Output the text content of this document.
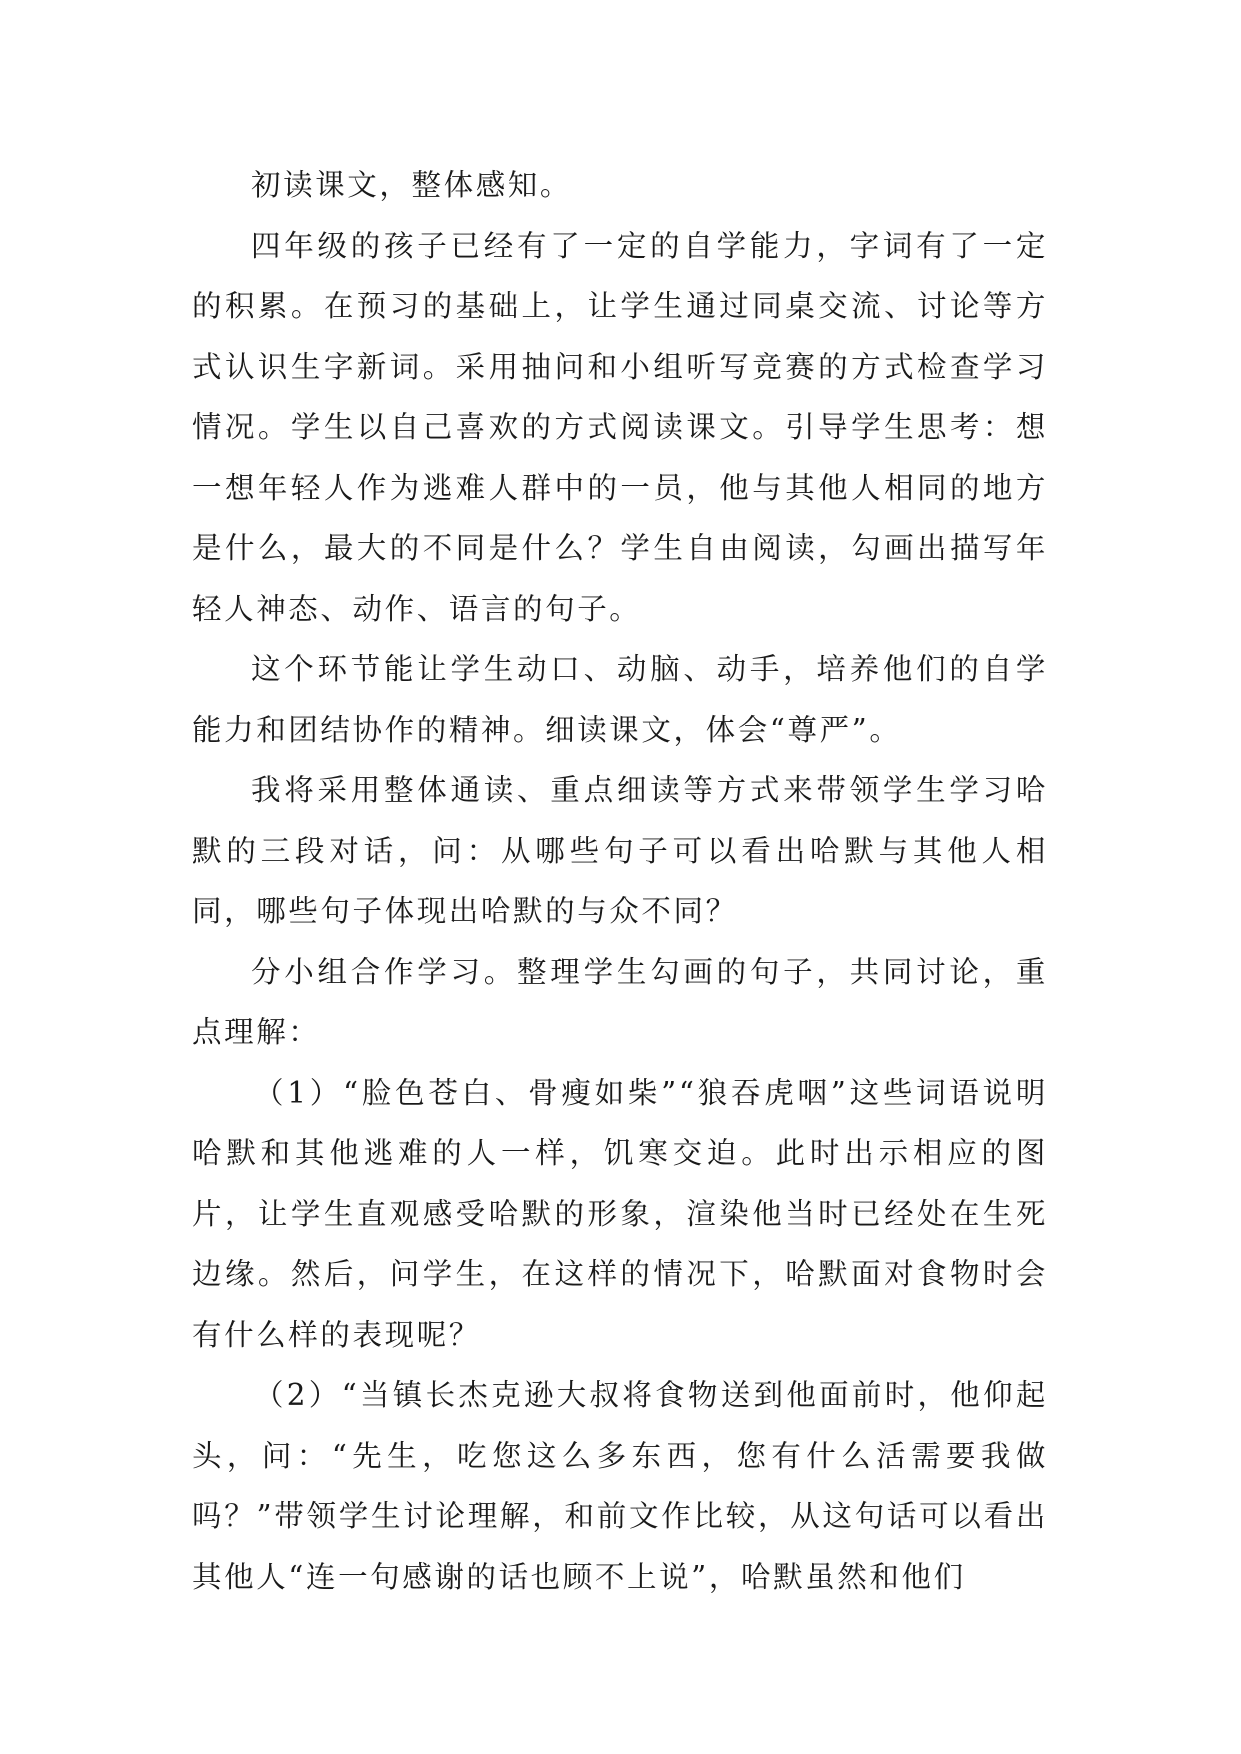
初读课文，整体感知。

四年级的孩子已经有了一定的自学能力，字词有了一定的积累。在预习的基础上，让学生通过同桌交流、讨论等方式认识生字新词。采用抽问和小组听写竞赛的方式检查学习情况。学生以自己喜欢的方式阅读课文。引导学生思考：想一想年轻人作为逃难人群中的一员，他与其他人相同的地方是什么，最大的不同是什么？学生自由阅读，勾画出描写年轻人神态、动作、语言的句子。

这个环节能让学生动口、动脑、动手，培养他们的自学能力和团结协作的精神。细读课文，体会“尊严”。

我将采用整体通读、重点细读等方式来带领学生学习哈默的三段对话，问：从哪些句子可以看出哈默与其他人相同，哪些句子体现出哈默的与众不同？

分小组合作学习。整理学生勾画的句子，共同讨论，重点理解：

（1）“脸色苍白、骨瘦如柴”“狼吞虎咽”这些词语说明哈默和其他逃难的人一样，饥寒交迫。此时出示相应的图片，让学生直观感受哈默的形象，渲染他当时已经处在生死边缘。然后，问学生，在这样的情况下，哈默面对食物时会有什么样的表现呢？

（2）“当镇长杰克逊大叔将食物送到他面前时，他仰起头，问：“先生，吃您这么多东西，您有什么活需要我做吗？”带领学生讨论理解，和前文作比较，从这句话可以看出其他人“连一句感谢的话也顾不上说”，哈默虽然和他们
